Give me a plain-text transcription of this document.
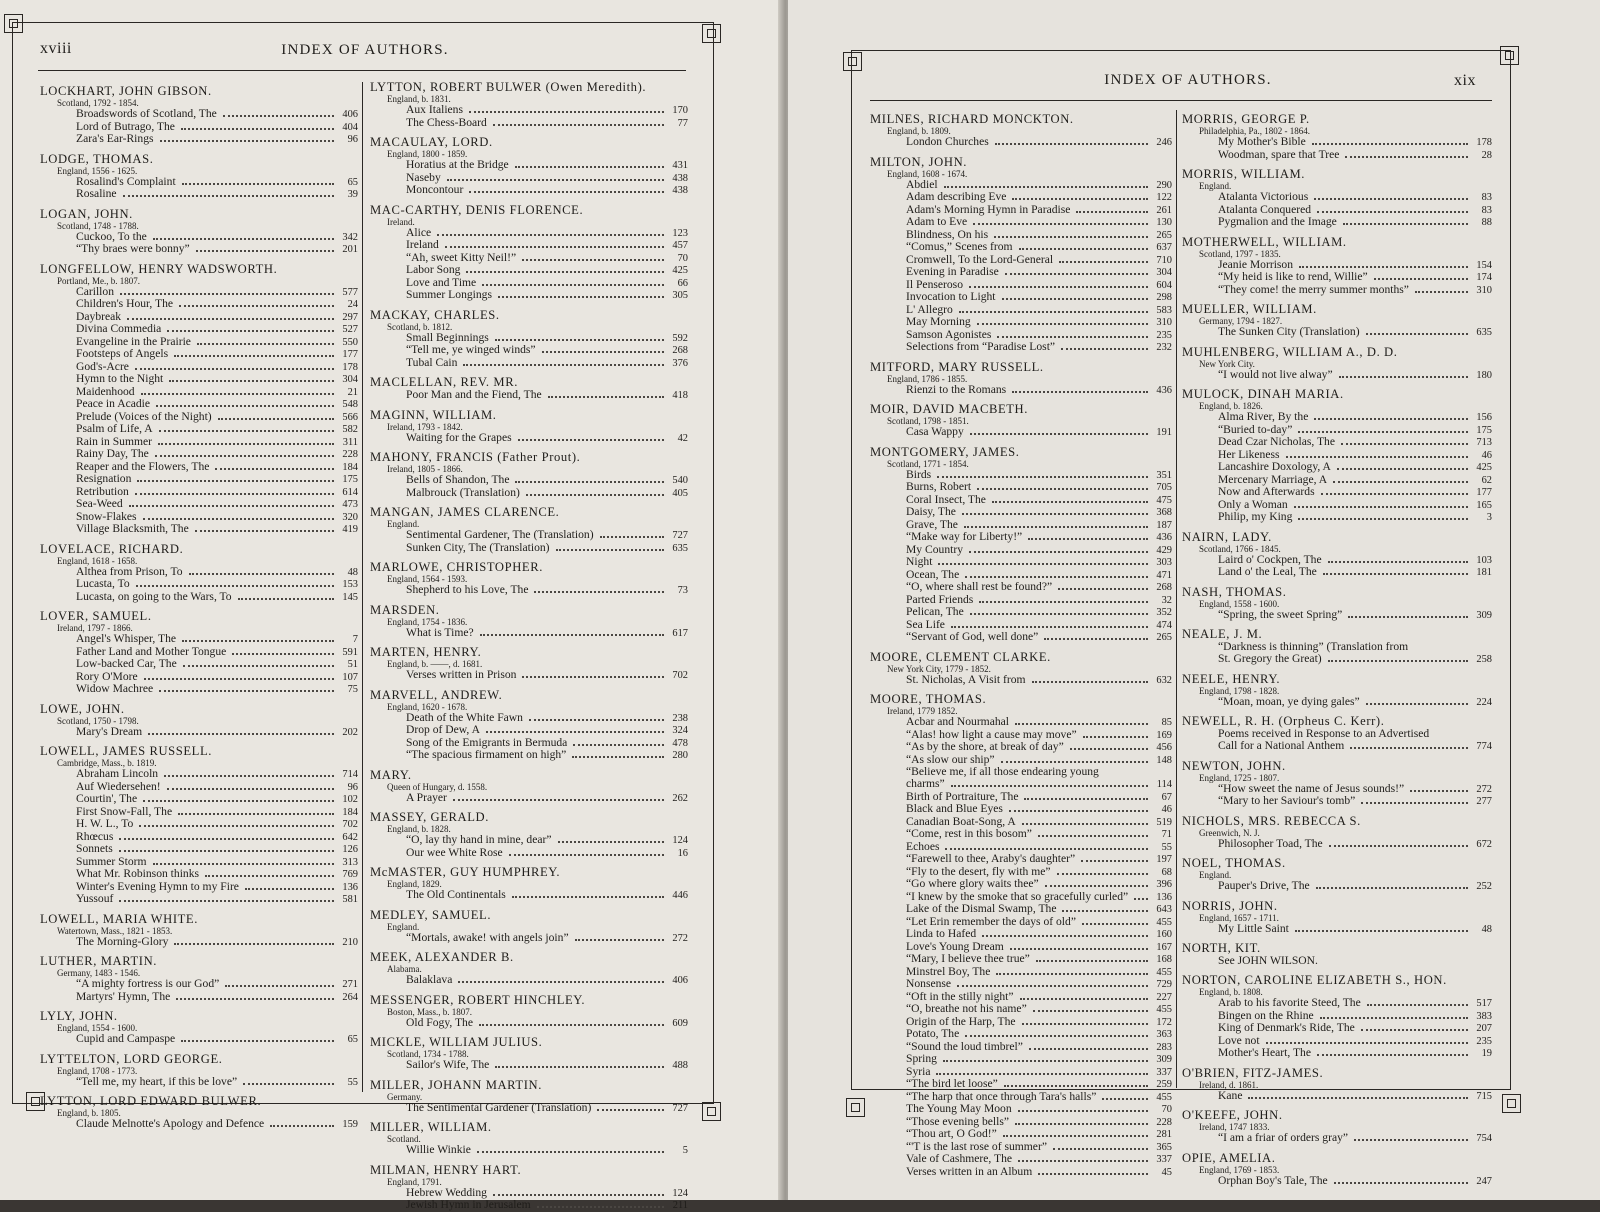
xviii	INDEX OF AUTHORS.
LOCKHART, JOHN GIBSON.
Scotland, 1792 - 1854.
Broadswords of Scotland, The	406
Lord of Butrago, The	404
Zara's Ear-Rings	96
LODGE, THOMAS.
England, 1556 - 1625.
Rosalind's Complaint	65
Rosaline	39
LOGAN, JOHN.
Scotland, 1748 - 1788.
Cuckoo, To the	342
“Thy braes were bonny”	201
LONGFELLOW, HENRY WADSWORTH.
Portland, Me., b. 1807.
Carillon	577
Children's Hour, The	24
Daybreak	297
Divina Commedia	527
Evangeline in the Prairie	550
Footsteps of Angels	177
God's-Acre	178
Hymn to the Night	304
Maidenhood	21
Peace in Acadie	548
Prelude (Voices of the Night)	566
Psalm of Life, A	582
Rain in Summer	311
Rainy Day, The	228
Reaper and the Flowers, The	184
Resignation	175
Retribution	614
Sea-Weed	473
Snow-Flakes	320
Village Blacksmith, The	419
LOVELACE, RICHARD.
England, 1618 - 1658.
Althea from Prison, To	48
Lucasta, To	153
Lucasta, on going to the Wars, To	145
LOVER, SAMUEL.
Ireland, 1797 - 1866.
Angel's Whisper, The	7
Father Land and Mother Tongue	591
Low-backed Car, The	51
Rory O'More	107
Widow Machree	75
LOWE, JOHN.
Scotland, 1750 - 1798.
Mary's Dream	202
LOWELL, JAMES RUSSELL.
Cambridge, Mass., b. 1819.
Abraham Lincoln	714
Auf Wiedersehen!	96
Courtin', The	102
First Snow-Fall, The	184
H. W. L., To	702
Rhœcus	642
Sonnets	126
Summer Storm	313
What Mr. Robinson thinks	769
Winter's Evening Hymn to my Fire	136
Yussouf	581
LOWELL, MARIA WHITE.
Watertown, Mass., 1821 - 1853.
The Morning-Glory	210
LUTHER, MARTIN.
Germany, 1483 - 1546.
“A mighty fortress is our God”	271
Martyrs' Hymn, The	264
LYLY, JOHN.
England, 1554 - 1600.
Cupid and Campaspe	65
LYTTELTON, LORD GEORGE.
England, 1708 - 1773.
“Tell me, my heart, if this be love”	55
LYTTON, LORD EDWARD BULWER.
England, b. 1805.
Claude Melnotte's Apology and Defence	159
LYTTON, ROBERT BULWER (Owen Meredith).
England, b. 1831.
Aux Italiens	170
The Chess-Board	77
MACAULAY, LORD.
England, 1800 - 1859.
Horatius at the Bridge	431
Naseby	438
Moncontour	438
MAC-CARTHY, DENIS FLORENCE.
Ireland.
Alice	123
Ireland	457
“Ah, sweet Kitty Neil!”	70
Labor Song	425
Love and Time	66
Summer Longings	305
MACKAY, CHARLES.
Scotland, b. 1812.
Small Beginnings	592
“Tell me, ye winged winds”	268
Tubal Cain	376
MACLELLAN, REV. MR.
Poor Man and the Fiend, The	418
MAGINN, WILLIAM.
Ireland, 1793 - 1842.
Waiting for the Grapes	42
MAHONY, FRANCIS (Father Prout).
Ireland, 1805 - 1866.
Bells of Shandon, The	540
Malbrouck (Translation)	405
MANGAN, JAMES CLARENCE.
England.
Sentimental Gardener, The (Translation)	727
Sunken City, The (Translation)	635
MARLOWE, CHRISTOPHER.
England, 1564 - 1593.
Shepherd to his Love, The	73
MARSDEN.
England, 1754 - 1836.
What is Time?	617
MARTEN, HENRY.
England, b. ——, d. 1681.
Verses written in Prison	702
MARVELL, ANDREW.
England, 1620 - 1678.
Death of the White Fawn	238
Drop of Dew, A	324
Song of the Emigrants in Bermuda	478
“The spacious firmament on high”	280
MARY.
Queen of Hungary, d. 1558.
A Prayer	262
MASSEY, GERALD.
England, b. 1828.
“O, lay thy hand in mine, dear”	124
Our wee White Rose	16
McMASTER, GUY HUMPHREY.
England, 1829.
The Old Continentals	446
MEDLEY, SAMUEL.
England.
“Mortals, awake! with angels join”	272
MEEK, ALEXANDER B.
Alabama.
Balaklava	406
MESSENGER, ROBERT HINCHLEY.
Boston, Mass., b. 1807.
Old Fogy, The	609
MICKLE, WILLIAM JULIUS.
Scotland, 1734 - 1788.
Sailor's Wife, The	488
MILLER, JOHANN MARTIN.
Germany.
The Sentimental Gardener (Translation)	727
MILLER, WILLIAM.
Scotland.
Willie Winkie	5
MILMAN, HENRY HART.
England, 1791.
Hebrew Wedding	124
Jewish Hymn in Jerusalem	211
INDEX OF AUTHORS.	xix
MILNES, RICHARD MONCKTON.
England, b. 1809.
London Churches	246
MILTON, JOHN.
England, 1608 - 1674.
Abdiel	290
Adam describing Eve	122
Adam's Morning Hymn in Paradise	261
Adam to Eve	130
Blindness, On his	265
“Comus,” Scenes from	637
Cromwell, To the Lord-General	710
Evening in Paradise	304
Il Penseroso	604
Invocation to Light	298
L' Allegro	583
May Morning	310
Samson Agonistes	235
Selections from “Paradise Lost”	232
MITFORD, MARY RUSSELL.
England, 1786 - 1855.
Rienzi to the Romans	436
MOIR, DAVID MACBETH.
Scotland, 1798 - 1851.
Casa Wappy	191
MONTGOMERY, JAMES.
Scotland, 1771 - 1854.
Birds	351
Burns, Robert	705
Coral Insect, The	475
Daisy, The	368
Grave, The	187
“Make way for Liberty!”	436
My Country	429
Night	303
Ocean, The	471
“O, where shall rest be found?”	268
Parted Friends	32
Pelican, The	352
Sea Life	474
“Servant of God, well done”	265
MOORE, CLEMENT CLARKE.
New York City, 1779 - 1852.
St. Nicholas, A Visit from	632
MOORE, THOMAS.
Ireland, 1779 1852.
Acbar and Nourmahal	85
“Alas! how light a cause may move”	169
“As by the shore, at break of day”	456
“As slow our ship”	148
“Believe me, if all those endearing young
charms”	114
Birth of Portraiture, The	67
Black and Blue Eyes	46
Canadian Boat-Song, A	519
“Come, rest in this bosom”	71
Echoes	55
“Farewell to thee, Araby's daughter”	197
“Fly to the desert, fly with me”	68
“Go where glory waits thee”	396
“I knew by the smoke that so gracefully curled”	136
Lake of the Dismal Swamp, The	643
“Let Erin remember the days of old”	455
Linda to Hafed	160
Love's Young Dream	167
“Mary, I believe thee true”	168
Minstrel Boy, The	455
Nonsense	729
“Oft in the stilly night”	227
“O, breathe not his name”	455
Origin of the Harp, The	172
Potato, The	363
“Sound the loud timbrel”	283
Spring	309
Syria	337
“The bird let loose”	259
“The harp that once through Tara's halls”	455
The Young May Moon	70
“Those evening bells”	228
“Thou art, O God!”	281
“'T is the last rose of summer”	365
Vale of Cashmere, The	337
Verses written in an Album	45
MORRIS, GEORGE P.
Philadelphia, Pa., 1802 - 1864.
My Mother's Bible	178
Woodman, spare that Tree	28
MORRIS, WILLIAM.
England.
Atalanta Victorious	83
Atalanta Conquered	83
Pygmalion and the Image	88
MOTHERWELL, WILLIAM.
Scotland, 1797 - 1835.
Jeanie Morrison	154
“My heid is like to rend, Willie”	174
“They come! the merry summer months”	310
MUELLER, WILLIAM.
Germany, 1794 - 1827.
The Sunken City (Translation)	635
MUHLENBERG, WILLIAM A., D. D.
New York City.
“I would not live alway”	180
MULOCK, DINAH MARIA.
England, b. 1826.
Alma River, By the	156
“Buried to-day”	175
Dead Czar Nicholas, The	713
Her Likeness	46
Lancashire Doxology, A	425
Mercenary Marriage, A	62
Now and Afterwards	177
Only a Woman	165
Philip, my King	3
NAIRN, LADY.
Scotland, 1766 - 1845.
Laird o' Cockpen, The	103
Land o' the Leal, The	181
NASH, THOMAS.
England, 1558 - 1600.
“Spring, the sweet Spring”	309
NEALE, J. M.
“Darkness is thinning” (Translation from
St. Gregory the Great)	258
NEELE, HENRY.
England, 1798 - 1828.
“Moan, moan, ye dying gales”	224
NEWELL, R. H. (Orpheus C. Kerr).
Poems received in Response to an Advertised
Call for a National Anthem	774
NEWTON, JOHN.
England, 1725 - 1807.
“How sweet the name of Jesus sounds!”	272
“Mary to her Saviour's tomb”	277
NICHOLS, MRS. REBECCA S.
Greenwich, N. J.
Philosopher Toad, The	672
NOEL, THOMAS.
England.
Pauper's Drive, The	252
NORRIS, JOHN.
England, 1657 - 1711.
My Little Saint	48
NORTH, KIT.
See JOHN WILSON.
NORTON, CAROLINE ELIZABETH S., HON.
England, b. 1808.
Arab to his favorite Steed, The	517
Bingen on the Rhine	383
King of Denmark's Ride, The	207
Love not	235
Mother's Heart, The	19
O'BRIEN, FITZ-JAMES.
Ireland, d. 1861.
Kane	715
O'KEEFE, JOHN.
Ireland, 1747 1833.
“I am a friar of orders gray”	754
OPIE, AMELIA.
England, 1769 - 1853.
Orphan Boy's Tale, The	247
